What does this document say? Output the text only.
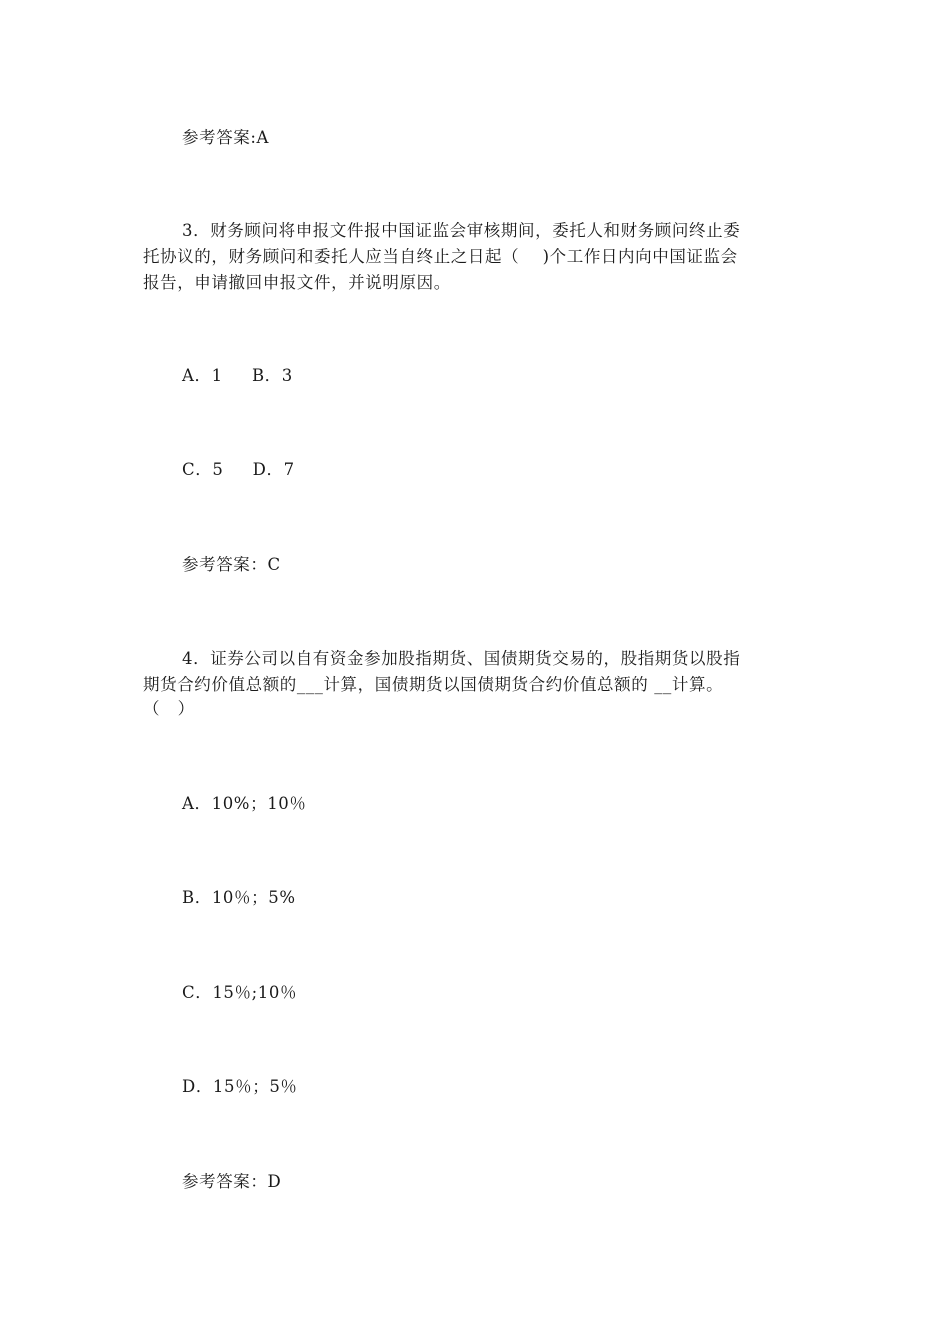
参考答案:A
3．财务顾问将申报文件报中国证监会审核期间，委托人和财务顾问终止委
托协议的，财务顾问和委托人应当自终止之日起（    )个工作日内向中国证监会
报告，申请撤回申报文件，并说明原因。
A．1     B．3
C．5     D．7
参考答案：C
4．证券公司以自有资金参加股指期货、国债期货交易的，股指期货以股指
期货合约价值总额的___计算，国债期货以国债期货合约价值总额的 __计算。
（   ）
A．10%；10％
B．10％；5%
C．15％;10％
D．15％；5％
参考答案：D
